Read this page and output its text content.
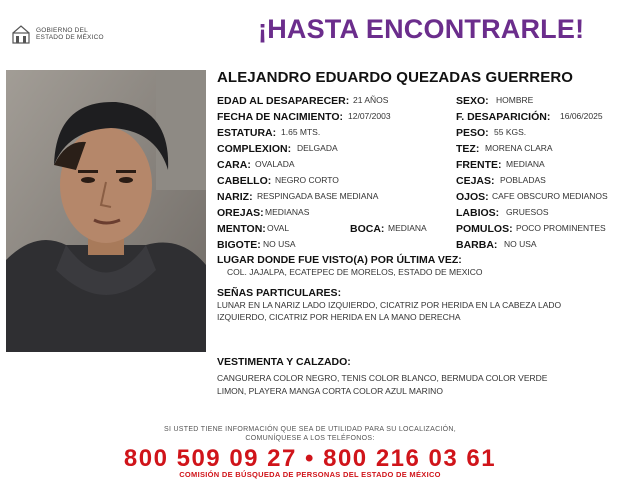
GOBIERNO DEL
ESTADO DE MÉXICO	¡HASTA ENCONTRARLE!
ALEJANDRO EDUARDO QUEZADAS GUERRERO
EDAD AL DESAPARECER: 21 AÑOS
FECHA DE NACIMIENTO: 12/07/2003
ESTATURA: 1.65 MTS.
COMPLEXION: DELGADA
CARA: OVALADA
CABELLO: NEGRO CORTO
NARIZ: RESPINGADA BASE MEDIANA
OREJAS: MEDIANAS
MENTON: OVAL	BOCA: MEDIANA
BIGOTE: NO USA
SEXO: HOMBRE
F. DESAPARICIÓN: 16/06/2025
PESO: 55 KGS.
TEZ: MORENA CLARA
FRENTE: MEDIANA
CEJAS: POBLADAS
OJOS: CAFE OBSCURO MEDIANOS
LABIOS: GRUESOS
POMULOS: POCO PROMINENTES
BARBA: NO USA
LUGAR DONDE FUE VISTO(A) POR ÚLTIMA VEZ:
COL. JAJALPA, ECATEPEC DE MORELOS, ESTADO DE MEXICO
SEÑAS PARTICULARES:
LUNAR EN LA NARIZ LADO IZQUIERDO, CICATRIZ POR HERIDA EN LA CABEZA LADO
IZQUIERDO, CICATRIZ POR HERIDA EN LA MANO DERECHA
VESTIMENTA Y CALZADO:
CANGURERA COLOR NEGRO, TENIS COLOR BLANCO, BERMUDA COLOR VERDE
LIMON, PLAYERA MANGA CORTA COLOR AZUL MARINO
SI USTED TIENE INFORMACIÓN QUE SEA DE UTILIDAD PARA SU LOCALIZACIÓN,
COMUNÍQUESE A LOS TELÉFONOS:
800 509 09 27 • 800 216 03 61
COMISIÓN DE BÚSQUEDA DE PERSONAS DEL ESTADO DE MÉXICO
